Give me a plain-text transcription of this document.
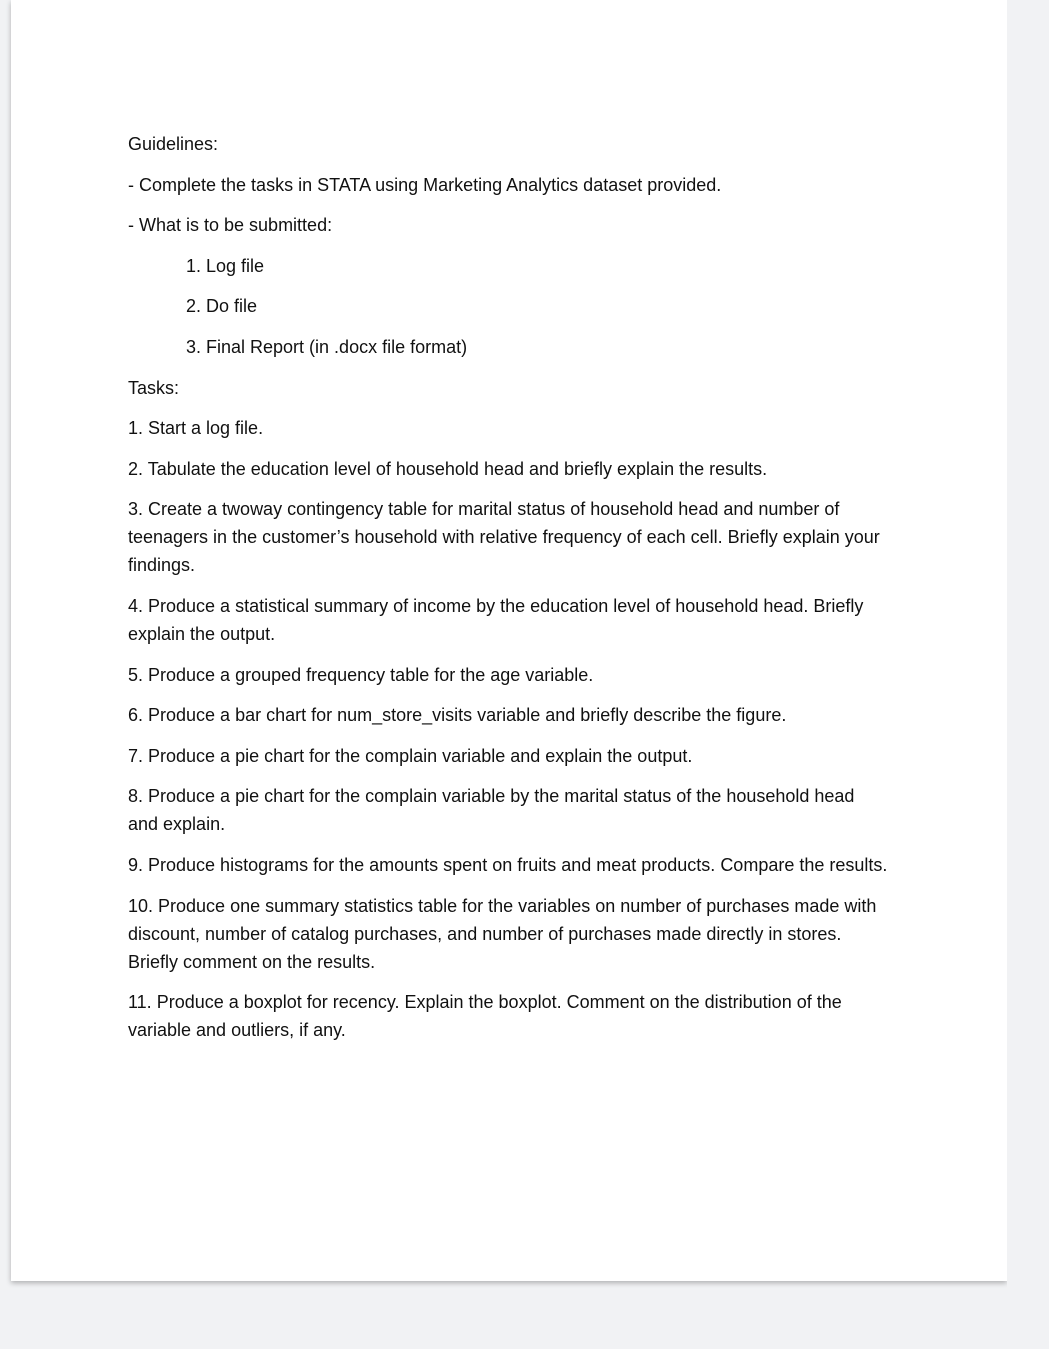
Guidelines:

- Complete the tasks in STATA using Marketing Analytics dataset provided.

- What is to be submitted:

1. Log file

2. Do file

3. Final Report (in .docx file format)

Tasks:

1. Start a log file.

2. Tabulate the education level of household head and briefly explain the results.

3. Create a twoway contingency table for marital status of household head and number of teenagers in the customer’s household with relative frequency of each cell. Briefly explain your findings.

4. Produce a statistical summary of income by the education level of household head. Briefly explain the output.

5. Produce a grouped frequency table for the age variable.

6. Produce a bar chart for num_store_visits variable and briefly describe the figure.

7. Produce a pie chart for the complain variable and explain the output.

8. Produce a pie chart for the complain variable by the marital status of the household head and explain.

9. Produce histograms for the amounts spent on fruits and meat products. Compare the results.

10. Produce one summary statistics table for the variables on number of purchases made with discount, number of catalog purchases, and number of purchases made directly in stores. Briefly comment on the results.

11. Produce a boxplot for recency. Explain the boxplot. Comment on the distribution of the variable and outliers, if any.
